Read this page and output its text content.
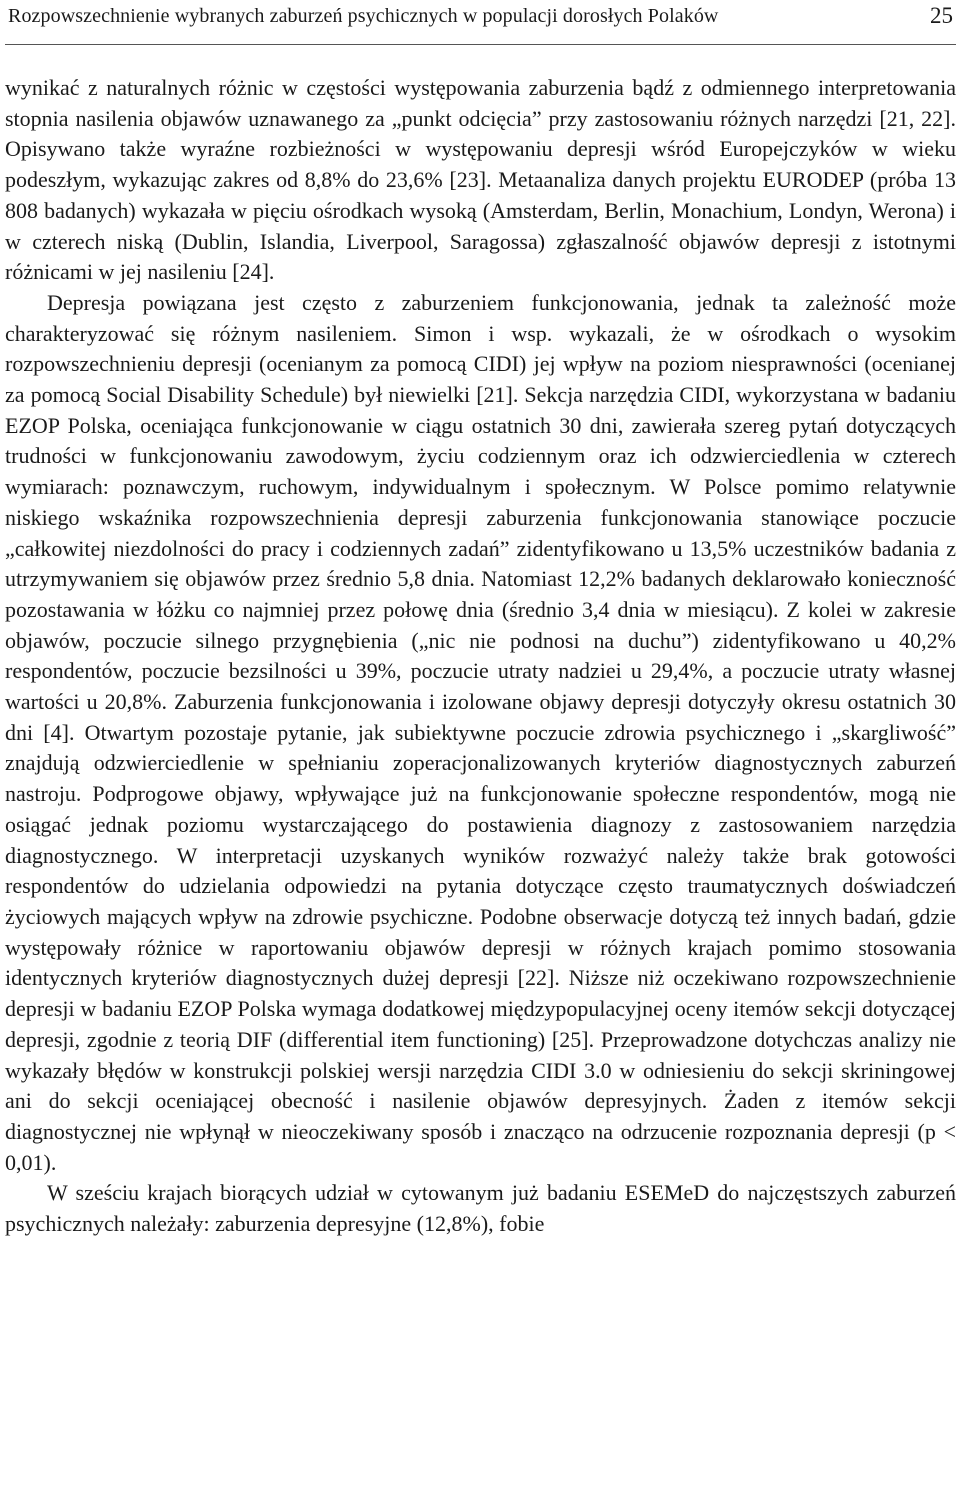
Rozpowszechnienie wybranych zaburzeń psychicznych w populacji dorosłych Polaków	25

wynikać z naturalnych różnic w częstości występowania zaburzenia bądź z odmiennego interpretowania stopnia nasilenia objawów uznawanego za „punkt odcięcia” przy zastosowaniu różnych narzędzi [21, 22]. Opisywano także wyraźne rozbieżności w występowaniu depresji wśród Europejczyków w wieku podeszłym, wykazując zakres od 8,8% do 23,6% [23]. Metaanaliza danych projektu EURODEP (próba 13 808 badanych) wykazała w pięciu ośrodkach wysoką (Amsterdam, Berlin, Monachium, Londyn, Werona) i w czterech niską (Dublin, Islandia, Liverpool, Saragossa) zgłaszalność objawów depresji z istotnymi różnicami w jej nasileniu [24].

Depresja powiązana jest często z zaburzeniem funkcjonowania, jednak ta zależność może charakteryzować się różnym nasileniem. Simon i wsp. wykazali, że w ośrodkach o wysokim rozpowszechnieniu depresji (ocenianym za pomocą CIDI) jej wpływ na poziom niesprawności (ocenianej za pomocą Social Disability Schedule) był niewielki [21]. Sekcja narzędzia CIDI, wykorzystana w badaniu EZOP Polska, oceniająca funkcjonowanie w ciągu ostatnich 30 dni, zawierała szereg pytań dotyczących trudności w funkcjonowaniu zawodowym, życiu codziennym oraz ich odzwierciedlenia w czterech wymiarach: poznawczym, ruchowym, indywidualnym i społecznym. W Polsce pomimo relatywnie niskiego wskaźnika rozpowszechnienia depresji zaburzenia funkcjonowania stanowiące poczucie „całkowitej niezdolności do pracy i codziennych zadań” zidentyfikowano u 13,5% uczestników badania z utrzymywaniem się objawów przez średnio 5,8 dnia. Natomiast 12,2% badanych deklarowało konieczność pozostawania w łóżku co najmniej przez połowę dnia (średnio 3,4 dnia w miesiącu). Z kolei w zakresie objawów, poczucie silnego przygnębienia („nic nie podnosi na duchu”) zidentyfikowano u 40,2% respondentów, poczucie bezsilności u 39%, poczucie utraty nadziei u 29,4%, a poczucie utraty własnej wartości u 20,8%. Zaburzenia funkcjonowania i izolowane objawy depresji dotyczyły okresu ostatnich 30 dni [4]. Otwartym pozostaje pytanie, jak subiektywne poczucie zdrowia psychicznego i „skargliwość” znajdują odzwierciedlenie w spełnianiu zoperacjonalizowanych kryteriów diagnostycznych zaburzeń nastroju. Podprogowe objawy, wpływające już na funkcjonowanie społeczne respondentów, mogą nie osiągać jednak poziomu wystarczającego do postawienia diagnozy z zastosowaniem narzędzia diagnostycznego. W interpretacji uzyskanych wyników rozważyć należy także brak gotowości respondentów do udzielania odpowiedzi na pytania dotyczące często traumatycznych doświadczeń życiowych mających wpływ na zdrowie psychiczne. Podobne obserwacje dotyczą też innych badań, gdzie występowały różnice w raportowaniu objawów depresji w różnych krajach pomimo stosowania identycznych kryteriów diagnostycznych dużej depresji [22]. Niższe niż oczekiwano rozpowszechnienie depresji w badaniu EZOP Polska wymaga dodatkowej międzypopulacyjnej oceny itemów sekcji dotyczącej depresji, zgodnie z teorią DIF (differential item functioning) [25]. Przeprowadzone dotychczas analizy nie wykazały błędów w konstrukcji polskiej wersji narzędzia CIDI 3.0 w odniesieniu do sekcji skriningowej ani do sekcji oceniającej obecność i nasilenie objawów depresyjnych. Żaden z itemów sekcji diagnostycznej nie wpłynął w nieoczekiwany sposób i znacząco na odrzucenie rozpoznania depresji (p < 0,01).

W sześciu krajach biorących udział w cytowanym już badaniu ESEMeD do najczęstszych zaburzeń psychicznych należały: zaburzenia depresyjne (12,8%), fobie
